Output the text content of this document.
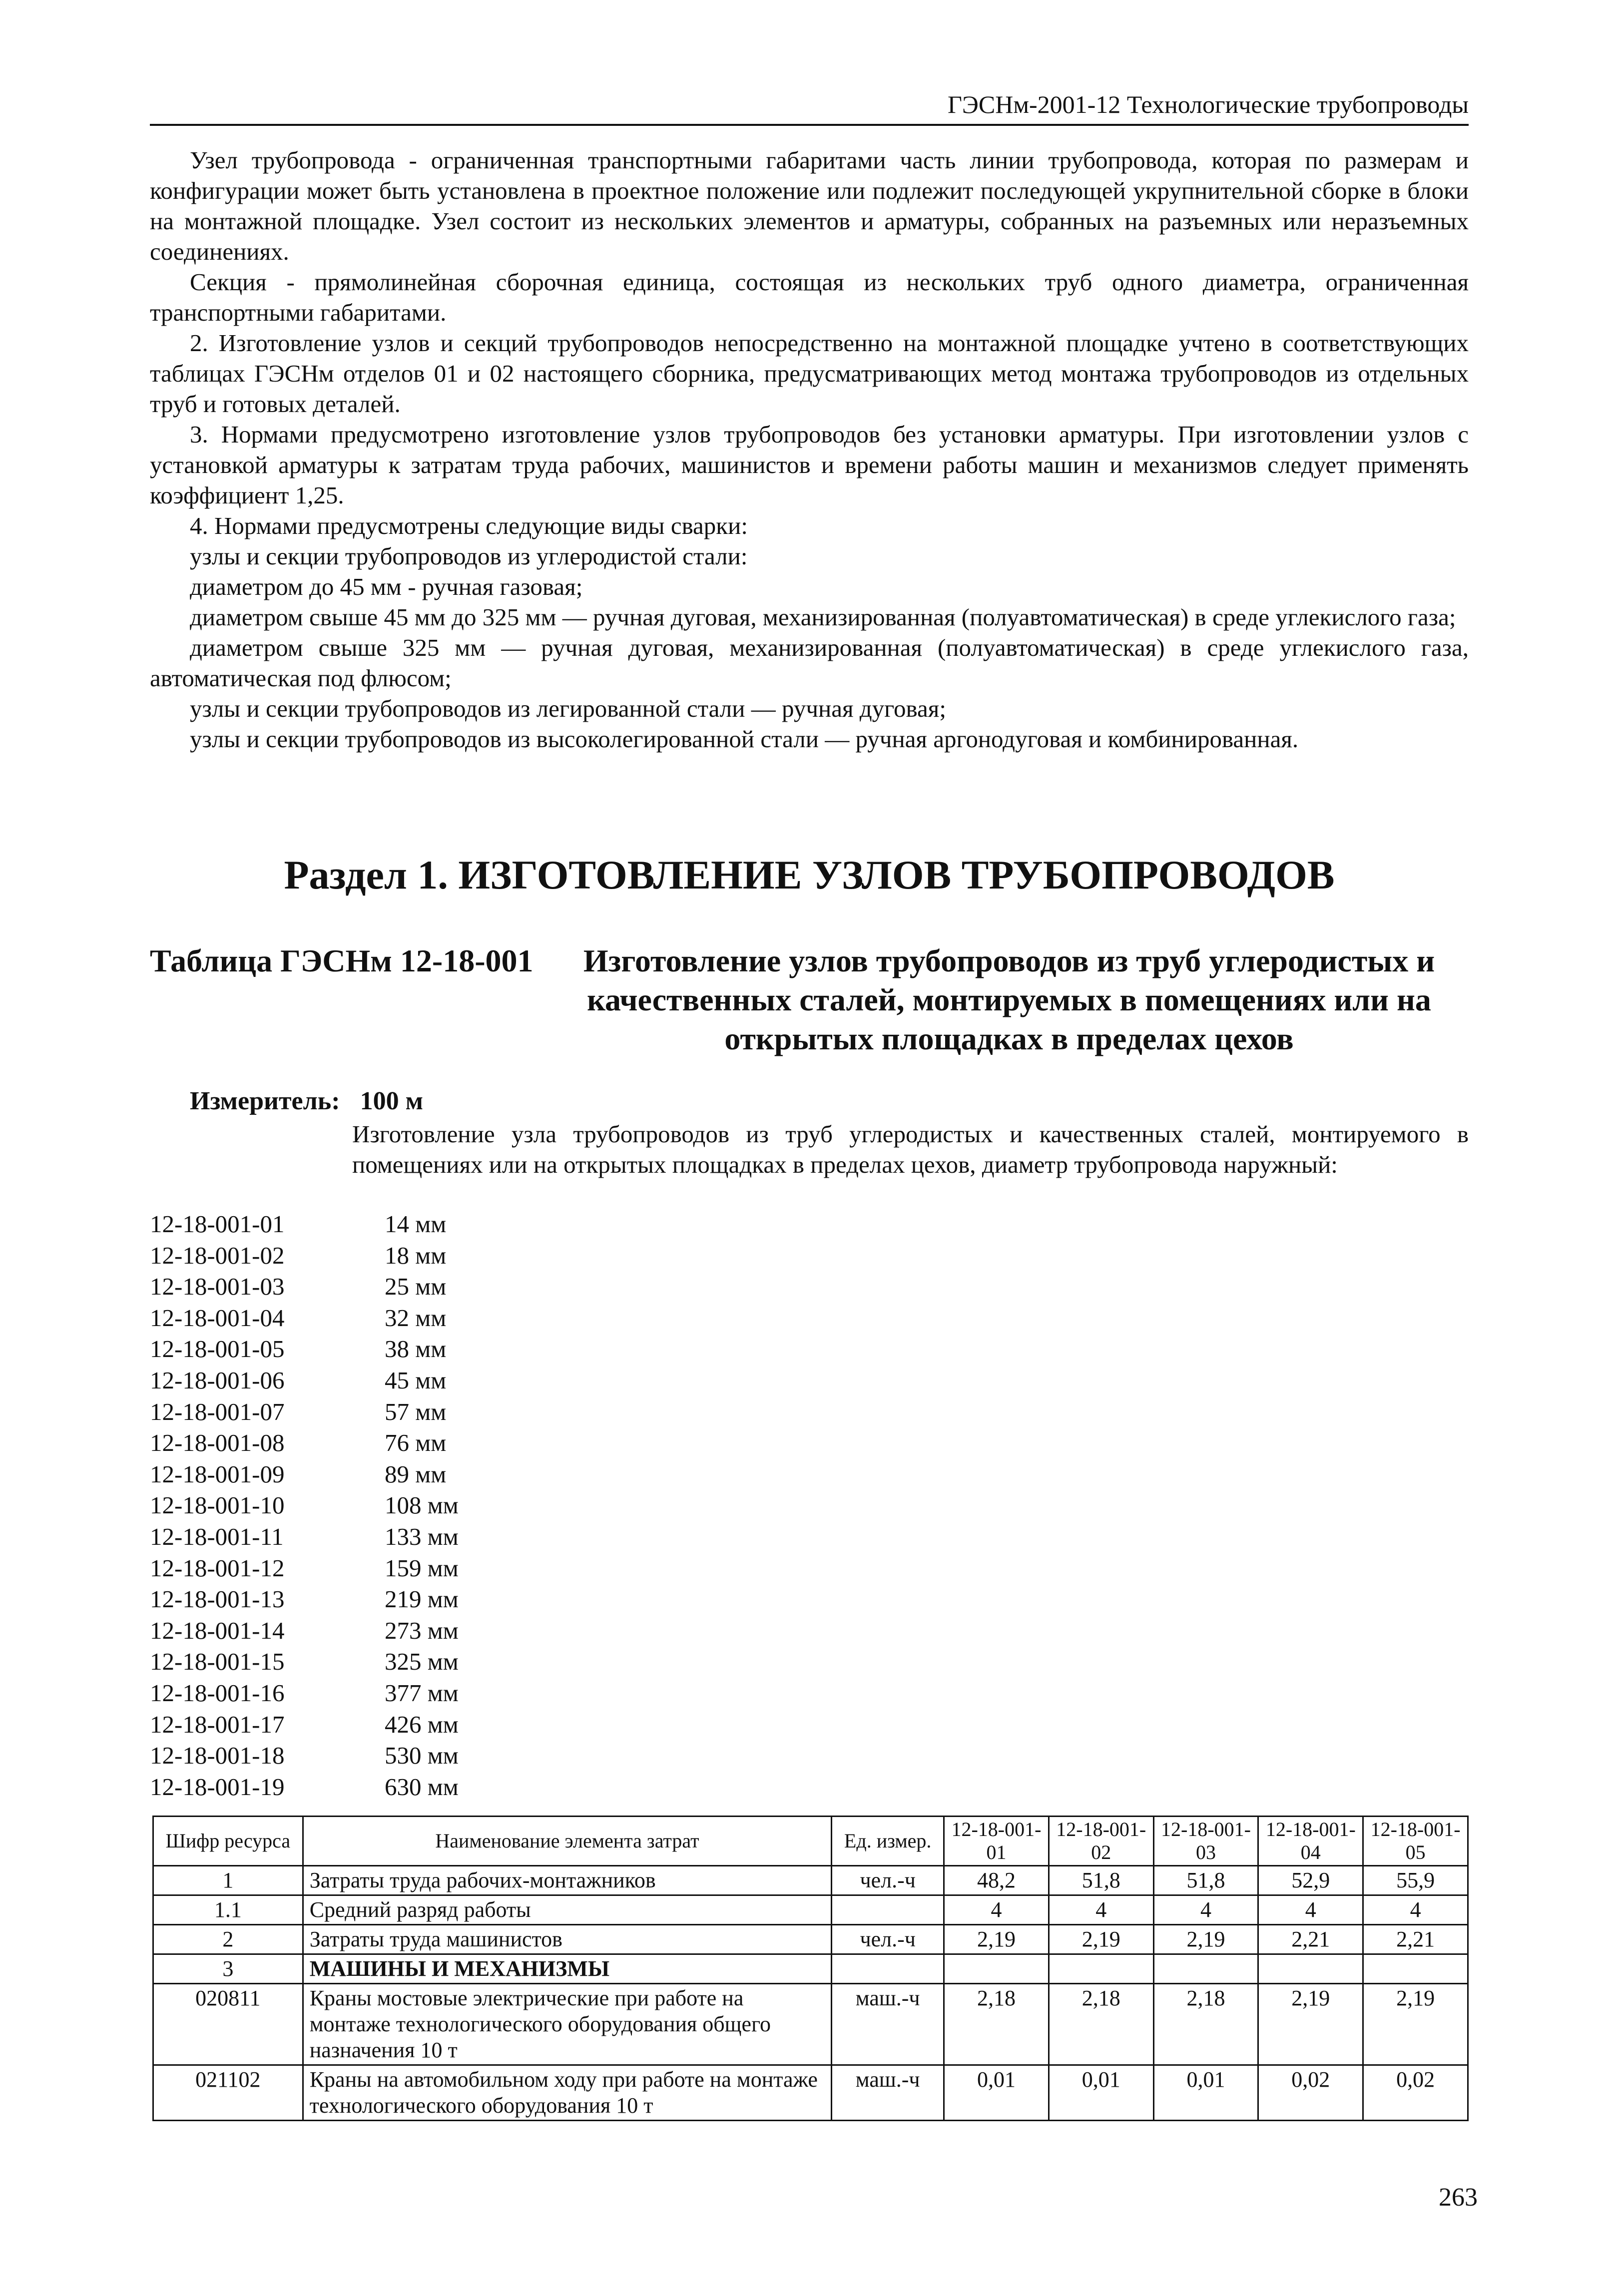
ГЭСНм-2001-12 Технологические трубопроводы

Узел трубопровода - ограниченная транспортными габаритами часть линии трубопровода, которая по размерам и конфигурации может быть установлена в проектное положение или подлежит последующей укрупнительной сборке в блоки на монтажной площадке. Узел состоит из нескольких элементов и арматуры, собранных на разъемных или неразъемных соединениях.

Секция - прямолинейная сборочная единица, состоящая из нескольких труб одного диаметра, ограниченная транспортными габаритами.

2. Изготовление узлов и секций трубопроводов непосредственно на монтажной площадке учтено в соответствующих таблицах ГЭСНм отделов 01 и 02 настоящего сборника, предусматривающих метод монтажа трубопроводов из отдельных труб и готовых деталей.

3. Нормами предусмотрено изготовление узлов трубопроводов без установки арматуры. При изготовлении узлов с установкой арматуры к затратам труда рабочих, машинистов и времени работы машин и механизмов следует применять коэффициент 1,25.

4. Нормами предусмотрены следующие виды сварки:

узлы и секции трубопроводов из углеродистой стали:

диаметром до 45 мм - ручная газовая;

диаметром свыше 45 мм до 325 мм — ручная дуговая, механизированная (полуавтоматическая) в среде углекислого газа;

диаметром свыше 325 мм — ручная дуговая, механизированная (полуавтоматическая) в среде углекислого газа, автоматическая под флюсом;

узлы и секции трубопроводов из легированной стали — ручная дуговая;

узлы и секции трубопроводов из высоколегированной стали — ручная аргонодуговая и комбинированная.

Раздел 1. ИЗГОТОВЛЕНИЕ УЗЛОВ ТРУБОПРОВОДОВ
Таблица ГЭСНм 12-18-001	Изготовление узлов трубопроводов из труб углеродистых и
качественных сталей, монтируемых в помещениях или на
открытых площадках в пределах цехов
Измеритель: 100 м
Изготовление узла трубопроводов из труб углеродистых и качественных сталей, монтируемого в помещениях или на открытых площадках в пределах цехов, диаметр трубопровода наружный:
12-18-001-01	14 мм
12-18-001-02	18 мм
12-18-001-03	25 мм
12-18-001-04	32 мм
12-18-001-05	38 мм
12-18-001-06	45 мм
12-18-001-07	57 мм
12-18-001-08	76 мм
12-18-001-09	89 мм
12-18-001-10	108 мм
12-18-001-11	133 мм
12-18-001-12	159 мм
12-18-001-13	219 мм
12-18-001-14	273 мм
12-18-001-15	325 мм
12-18-001-16	377 мм
12-18-001-17	426 мм
12-18-001-18	530 мм
12-18-001-19	630 мм
Шифр ресурса	Наименование элемента затрат	Ед. измер.	12-18-001-01	12-18-001-02	12-18-001-03	12-18-001-04	12-18-001-05
1	Затраты труда рабочих-монтажников	чел.-ч	48,2	51,8	51,8	52,9	55,9
1.1	Средний разряд работы		4	4	4	4	4
2	Затраты труда машинистов	чел.-ч	2,19	2,19	2,19	2,21	2,21
3	МАШИНЫ И МЕХАНИЗМЫ						
020811	Краны мостовые электрические при работе на монтаже технологического оборудования общего назначения 10 т	маш.-ч	2,18	2,18	2,18	2,19	2,19
021102	Краны на автомобильном ходу при работе на монтаже технологического оборудования 10 т	маш.-ч	0,01	0,01	0,01	0,02	0,02
263
